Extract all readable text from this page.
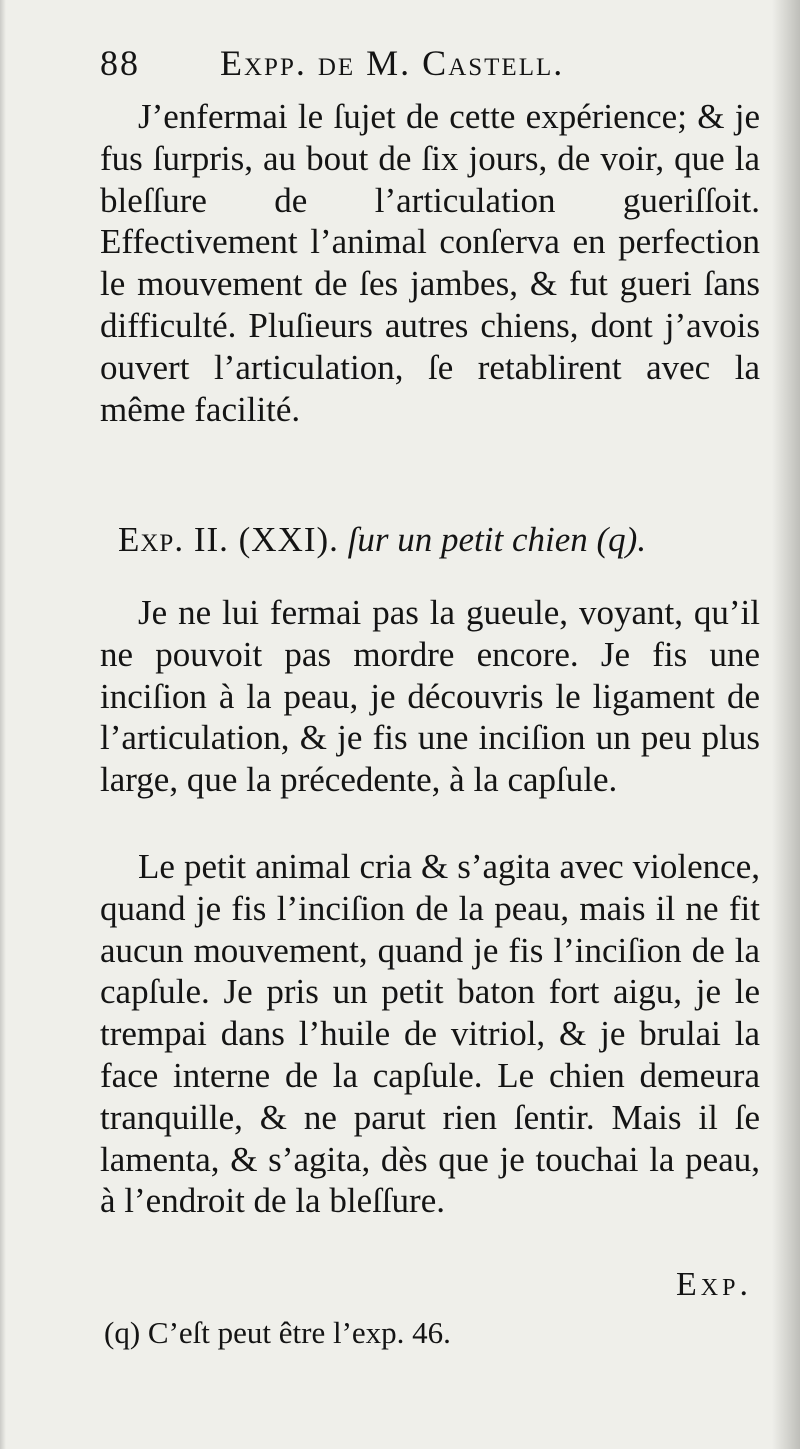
88 Expp. de M. Castell.
J’enfermai le ſujet de cette expérience; & je fus ſurpris, au bout de ſix jours, de voir, que la bleſſure de l’articulation gueriſſoit. Effectivement l’animal conſerva en perfection le mouvement de ſes jambes, & fut gueri ſans difficulté. Pluſieurs autres chiens, dont j’avois ouvert l’articulation, ſe retablirent avec la même facilité.
Exp. II. (XXI). ſur un petit chien (q).
Je ne lui fermai pas la gueule, voyant, qu’il ne pouvoit pas mordre encore. Je fis une inciſion à la peau, je découvris le ligament de l’articulation, & je fis une inciſion un peu plus large, que la précedente, à la capſule.
Le petit animal cria & s’agita avec violence, quand je fis l’inciſion de la peau, mais il ne fit aucun mouvement, quand je fis l’inciſion de la capſule. Je pris un petit baton fort aigu, je le trempai dans l’huile de vitriol, & je brulai la face interne de la capſule. Le chien demeura tranquille, & ne parut rien ſentir. Mais il ſe lamenta, & s’agita, dès que je touchai la peau, à l’endroit de la bleſſure.
Exp.
(q) C’eſt peut être l’exp. 46.
